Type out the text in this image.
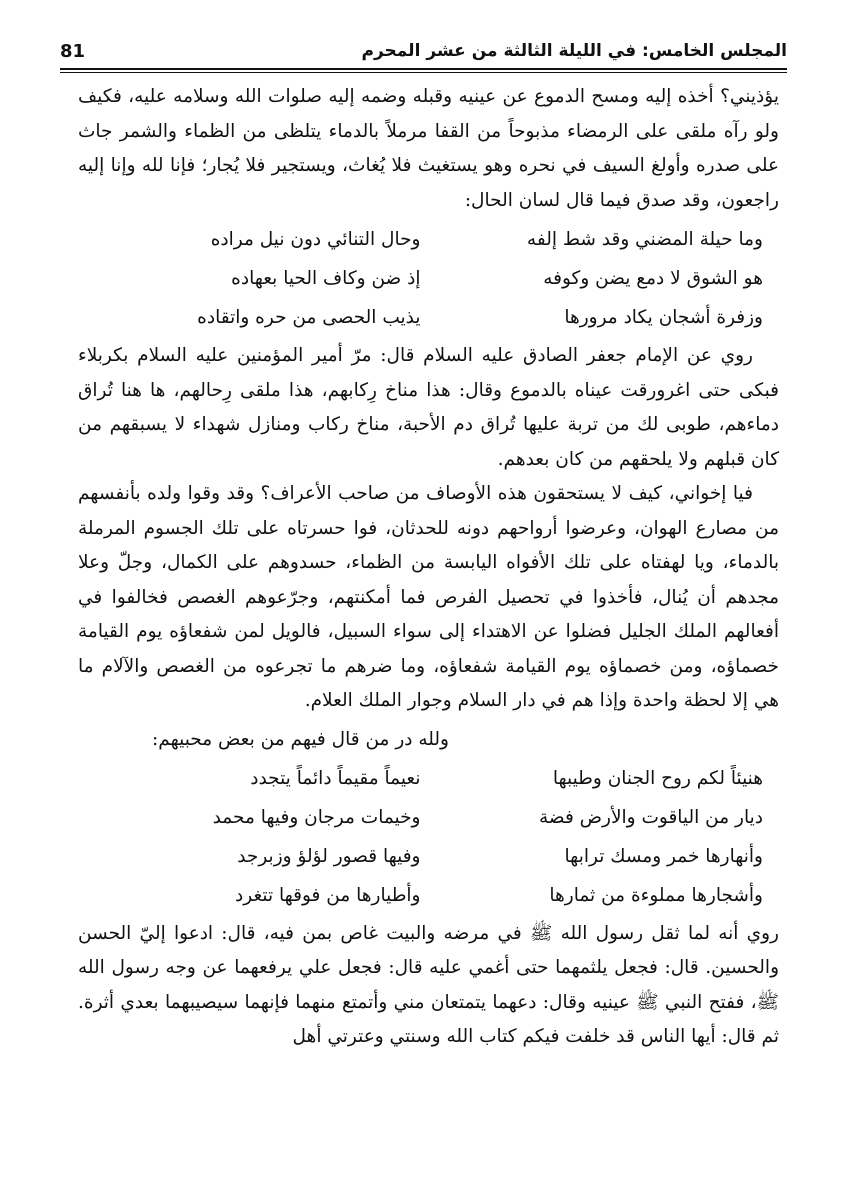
81	المجلس الخامس: في الليلة الثالثة من عشر المحرم

يؤذيني؟ أخذه إليه ومسح الدموع عن عينيه وقبله وضمه إليه صلوات الله وسلامه عليه، فكيف ولو رآه ملقى على الرمضاء مذبوحاً من القفا مرملاً بالدماء يتلظى من الظماء والشمر جاث على صدره وأولغ السيف في نحره وهو يستغيث فلا يُغاث، ويستجير فلا يُجار؛ فإنا لله وإنا إليه راجعون، وقد صدق فيما قال لسان الحال:

وما حيلة المضني وقد شط إلفه
وحال التنائي دون نيل مراده
هو الشوق لا دمع يضن وكوفه
إذ ضن وكاف الحيا بعهاده
وزفرة أشجان يكاد مرورها
يذيب الحصى من حره واتقاده

روي عن الإمام جعفر الصادق عليه السلام قال: مرّ أمير المؤمنين عليه السلام بكربلاء فبكى حتى اغرورقت عيناه بالدموع وقال: هذا مناخ رِكابهم، هذا ملقى رِحالهم، ها هنا تُراق دماءهم، طوبى لك من تربة عليها تُراق دم الأحبة، مناخ ركاب ومنازل شهداء لا يسبقهم من كان قبلهم ولا يلحقهم من كان بعدهم.

فيا إخواني، كيف لا يستحقون هذه الأوصاف من صاحب الأعراف؟ وقد وقوا ولده بأنفسهم من مصارع الهوان، وعرضوا أرواحهم دونه للحدثان، فوا حسرتاه على تلك الجسوم المرملة بالدماء، ويا لهفتاه على تلك الأفواه اليابسة من الظماء، حسدوهم على الكمال، وجلّ وعلا مجدهم أن يُنال، فأخذوا في تحصيل الفرص فما أمكنتهم، وجرّعوهم الغصص فخالفوا في أفعالهم الملك الجليل فضلوا عن الاهتداء إلى سواء السبيل، فالويل لمن شفعاؤه يوم القيامة خصماؤه، ومن خصماؤه يوم القيامة شفعاؤه، وما ضرهم ما تجرعوه من الغصص والآلام ما هي إلا لحظة واحدة وإذا هم في دار السلام وجوار الملك العلام.

ولله در من قال فيهم من بعض محبيهم:
هنيئاً لكم روح الجنان وطيبها
نعيماً مقيماً دائماً يتجدد
ديار من الياقوت والأرض فضة
وخيمات مرجان وفيها محمد
وأنهارها خمر ومسك ترابها
وفيها قصور لؤلؤ وزبرجد
وأشجارها مملوءة من ثمارها
وأطيارها من فوقها تتغرد

روي أنه لما ثقل رسول الله ﷺ في مرضه والبيت غاص بمن فيه، قال: ادعوا إليّ الحسن والحسين. قال: فجعل يلثمهما حتى أغمي عليه قال: فجعل علي يرفعهما عن وجه رسول الله ﷺ، ففتح النبي ﷺ عينيه وقال: دعهما يتمتعان مني وأتمتع منهما فإنهما سيصيبهما بعدي أثرة. ثم قال: أيها الناس قد خلفت فيكم كتاب الله وسنتي وعترتي أهل
